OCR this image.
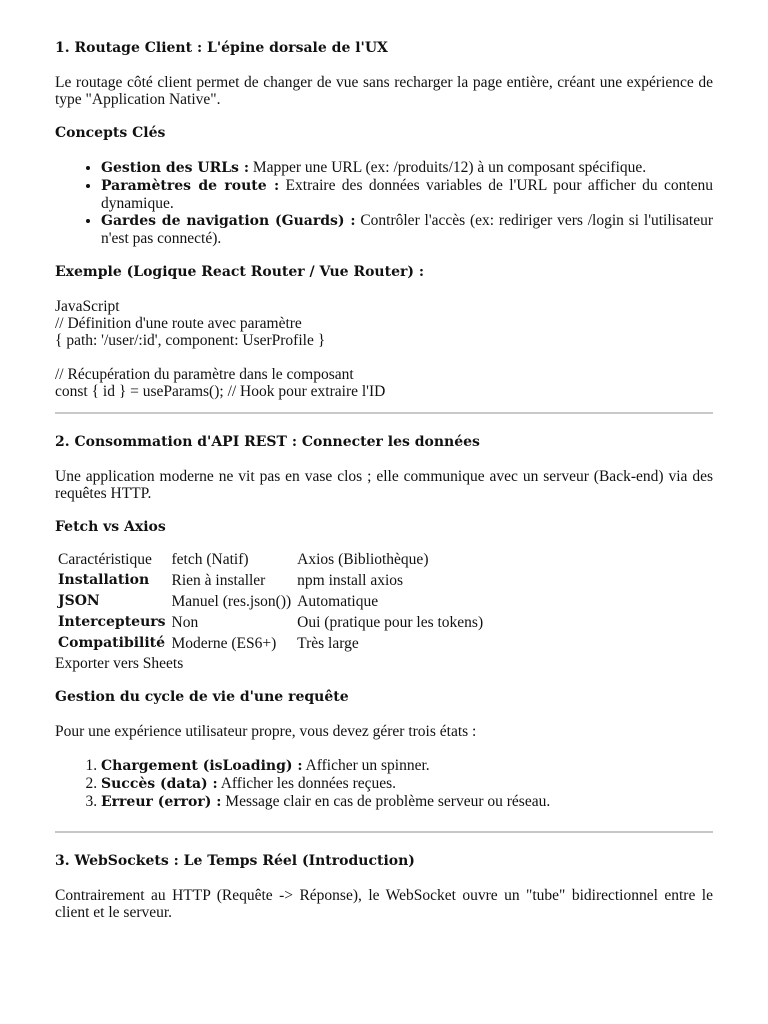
1. Routage Client : L'épine dorsale de l'UX

Le routage côté client permet de changer de vue sans recharger la page entière, créant une expérience de type "Application Native".

Concepts Clés

• Gestion des URLs : Mapper une URL (ex: /produits/12) à un composant spécifique.
• Paramètres de route : Extraire des données variables de l'URL pour afficher du contenu dynamique.
• Gardes de navigation (Guards) : Contrôler l'accès (ex: rediriger vers /login si l'utilisateur n'est pas connecté).

Exemple (Logique React Router / Vue Router) :

JavaScript
// Définition d'une route avec paramètre
{ path: '/user/:id', component: UserProfile }
// Récupération du paramètre dans le composant
const { id } = useParams(); // Hook pour extraire l'ID
2. Consommation d'API REST : Connecter les données

Une application moderne ne vit pas en vase clos ; elle communique avec un serveur (Back-end) via des requêtes HTTP.

Fetch vs Axios

Caractéristique	fetch (Natif)	Axios (Bibliothèque)
Installation	Rien à installer	npm install axios
JSON	Manuel (res.json())	Automatique
Intercepteurs	Non	Oui (pratique pour les tokens)
Compatibilité	Moderne (ES6+)	Très large
Exporter vers Sheets

Gestion du cycle de vie d'une requête

Pour une expérience utilisateur propre, vous devez gérer trois états :

1. Chargement (isLoading) : Afficher un spinner.
2. Succès (data) : Afficher les données reçues.
3. Erreur (error) : Message clair en cas de problème serveur ou réseau.
3. WebSockets : Le Temps Réel (Introduction)

Contrairement au HTTP (Requête -> Réponse), le WebSocket ouvre un "tube" bidirectionnel entre le client et le serveur.
